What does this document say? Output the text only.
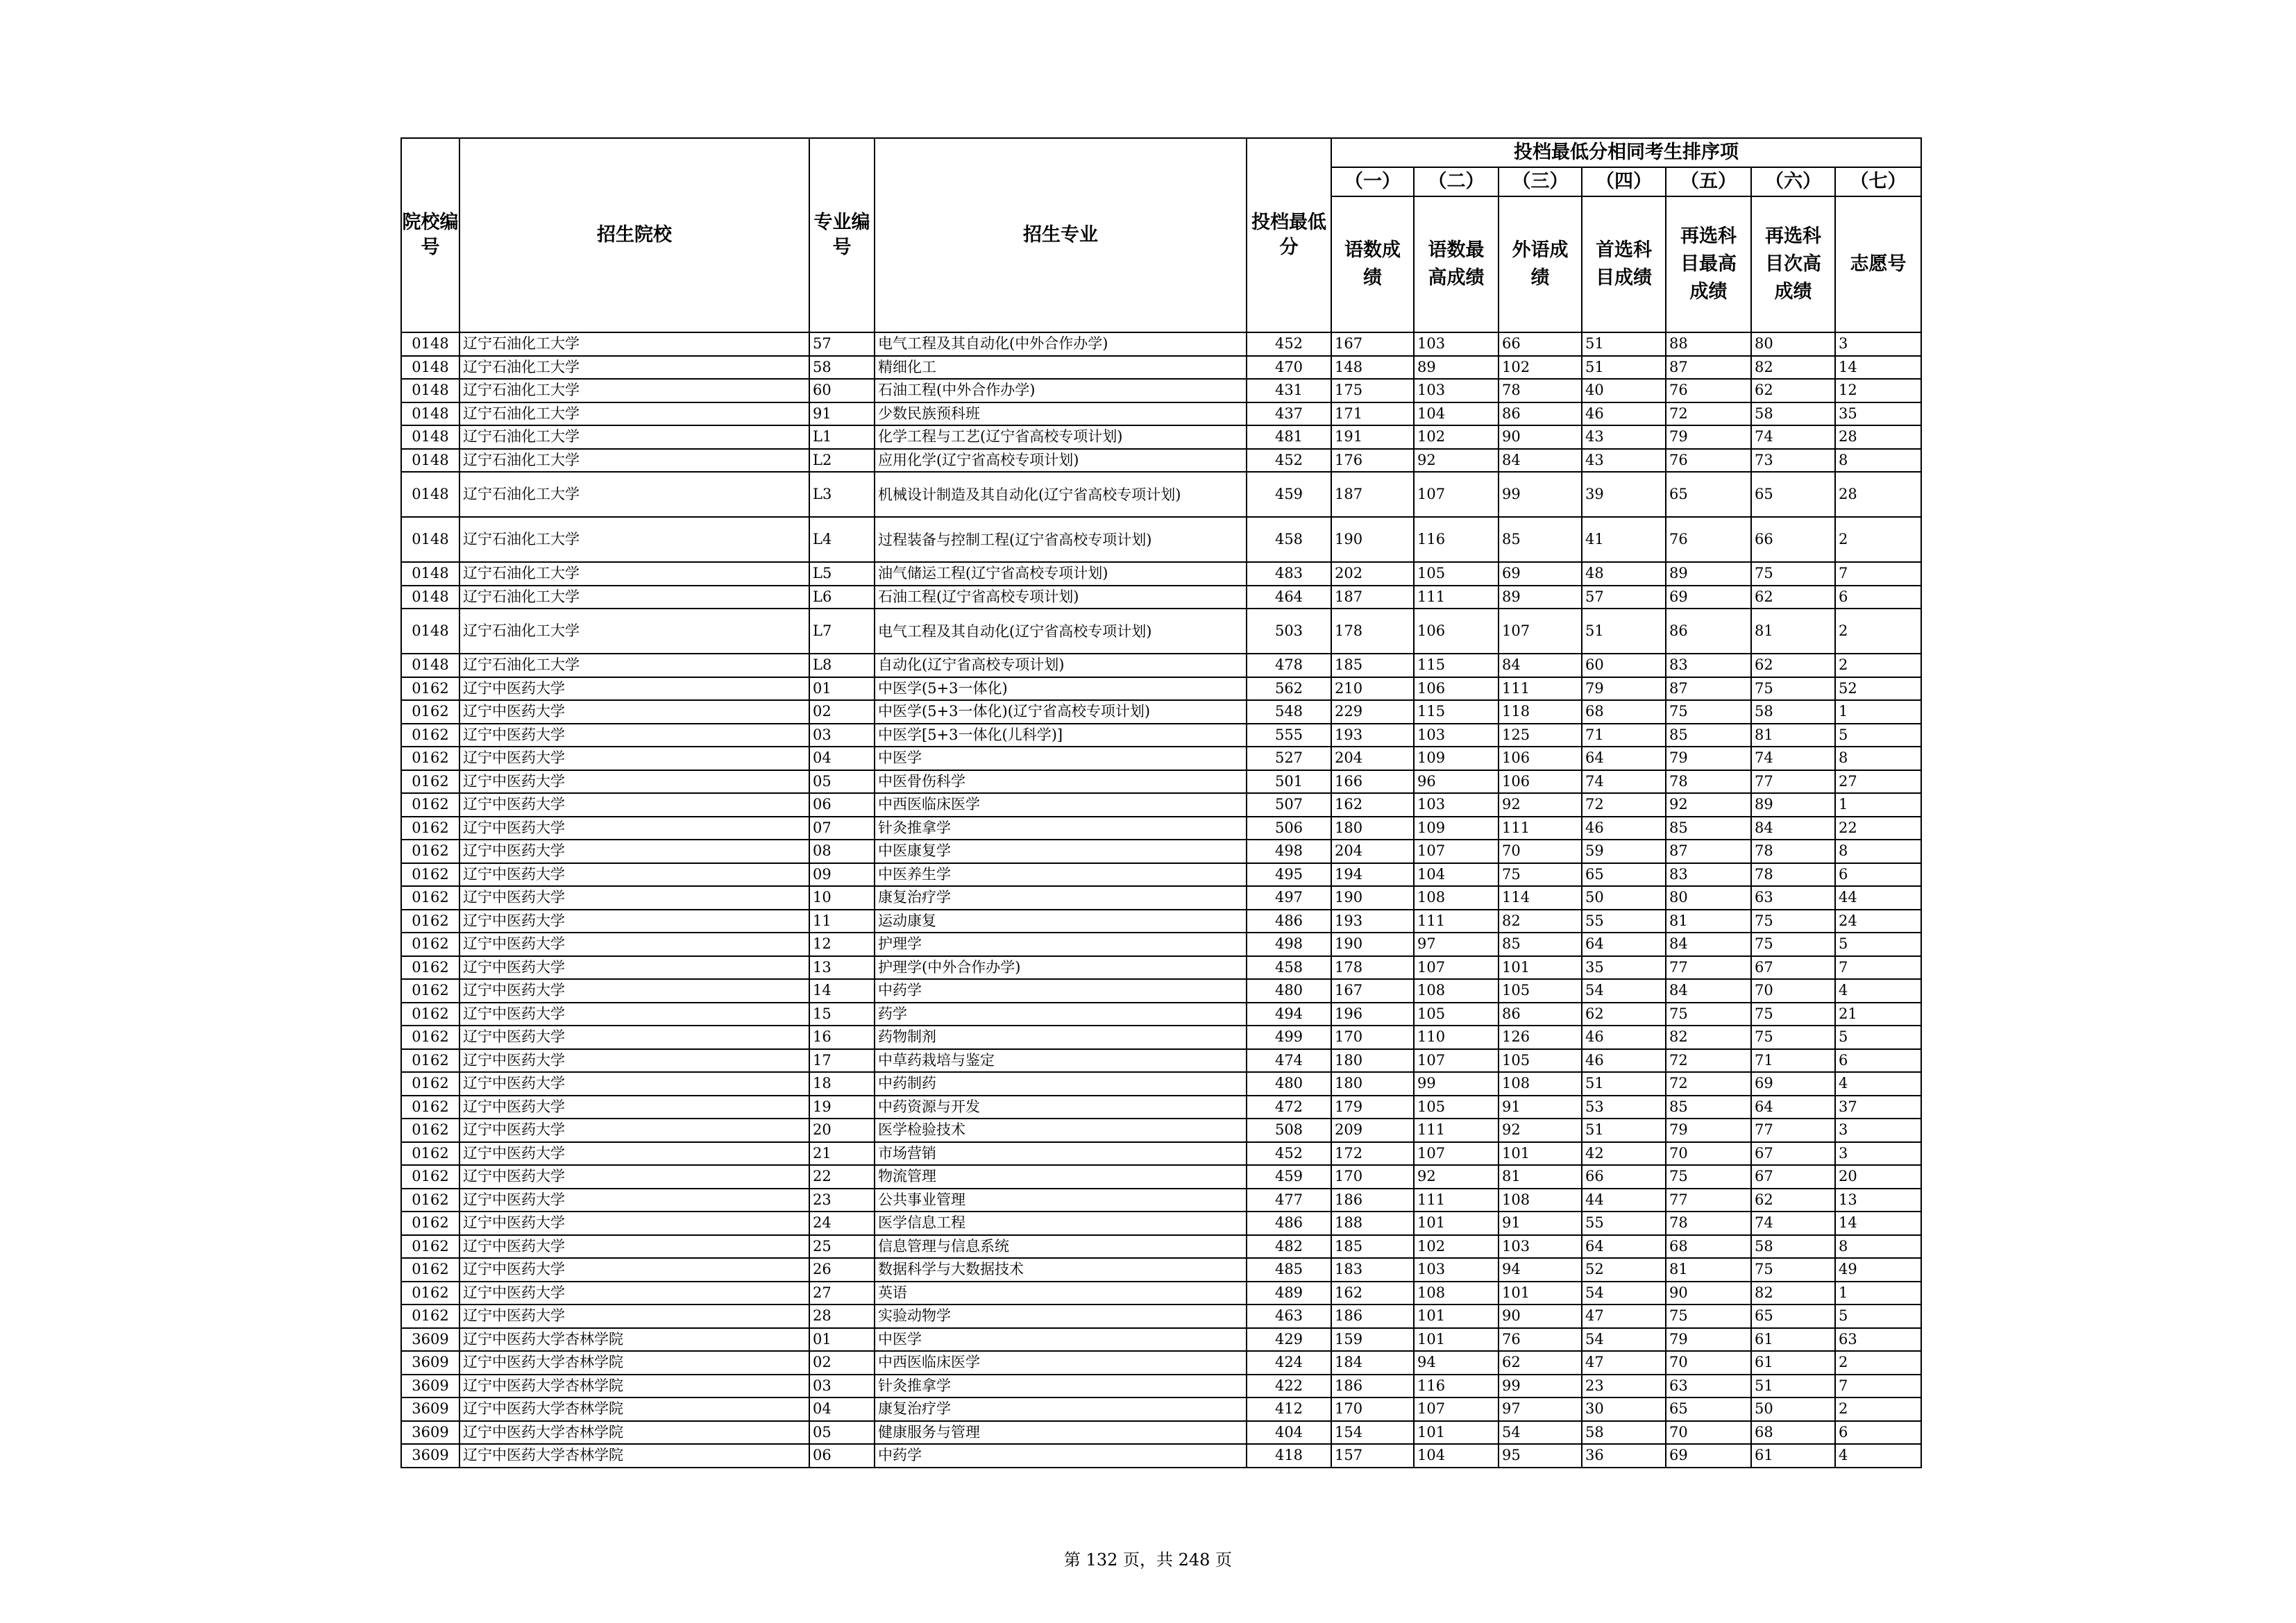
院校编号	招生院校	专业编号	招生专业	投档最低分	投档最低分相同考生排序项						
					（一）	（二）	（三）	（四）	（五）	（六）	（七）
					语数成绩	语数最高成绩	外语成绩	首选科目成绩	再选科目最高成绩	再选科目次高成绩	志愿号
0148	辽宁石油化工大学	57	电气工程及其自动化(中外合作办学)	452	167	103	66	51	88	80	3
0148	辽宁石油化工大学	58	精细化工	470	148	89	102	51	87	82	14
0148	辽宁石油化工大学	60	石油工程(中外合作办学)	431	175	103	78	40	76	62	12
0148	辽宁石油化工大学	91	少数民族预科班	437	171	104	86	46	72	58	35
0148	辽宁石油化工大学	L1	化学工程与工艺(辽宁省高校专项计划)	481	191	102	90	43	79	74	28
0148	辽宁石油化工大学	L2	应用化学(辽宁省高校专项计划)	452	176	92	84	43	76	73	8
0148	辽宁石油化工大学	L3	机械设计制造及其自动化(辽宁省高校专项计划)	459	187	107	99	39	65	65	28
0148	辽宁石油化工大学	L4	过程装备与控制工程(辽宁省高校专项计划)	458	190	116	85	41	76	66	2
0148	辽宁石油化工大学	L5	油气储运工程(辽宁省高校专项计划)	483	202	105	69	48	89	75	7
0148	辽宁石油化工大学	L6	石油工程(辽宁省高校专项计划)	464	187	111	89	57	69	62	6
0148	辽宁石油化工大学	L7	电气工程及其自动化(辽宁省高校专项计划)	503	178	106	107	51	86	81	2
0148	辽宁石油化工大学	L8	自动化(辽宁省高校专项计划)	478	185	115	84	60	83	62	2
0162	辽宁中医药大学	01	中医学(5+3一体化)	562	210	106	111	79	87	75	52
0162	辽宁中医药大学	02	中医学(5+3一体化)(辽宁省高校专项计划)	548	229	115	118	68	75	58	1
0162	辽宁中医药大学	03	中医学[5+3一体化(儿科学)]	555	193	103	125	71	85	81	5
0162	辽宁中医药大学	04	中医学	527	204	109	106	64	79	74	8
0162	辽宁中医药大学	05	中医骨伤科学	501	166	96	106	74	78	77	27
0162	辽宁中医药大学	06	中西医临床医学	507	162	103	92	72	92	89	1
0162	辽宁中医药大学	07	针灸推拿学	506	180	109	111	46	85	84	22
0162	辽宁中医药大学	08	中医康复学	498	204	107	70	59	87	78	8
0162	辽宁中医药大学	09	中医养生学	495	194	104	75	65	83	78	6
0162	辽宁中医药大学	10	康复治疗学	497	190	108	114	50	80	63	44
0162	辽宁中医药大学	11	运动康复	486	193	111	82	55	81	75	24
0162	辽宁中医药大学	12	护理学	498	190	97	85	64	84	75	5
0162	辽宁中医药大学	13	护理学(中外合作办学)	458	178	107	101	35	77	67	7
0162	辽宁中医药大学	14	中药学	480	167	108	105	54	84	70	4
0162	辽宁中医药大学	15	药学	494	196	105	86	62	75	75	21
0162	辽宁中医药大学	16	药物制剂	499	170	110	126	46	82	75	5
0162	辽宁中医药大学	17	中草药栽培与鉴定	474	180	107	105	46	72	71	6
0162	辽宁中医药大学	18	中药制药	480	180	99	108	51	72	69	4
0162	辽宁中医药大学	19	中药资源与开发	472	179	105	91	53	85	64	37
0162	辽宁中医药大学	20	医学检验技术	508	209	111	92	51	79	77	3
0162	辽宁中医药大学	21	市场营销	452	172	107	101	42	70	67	3
0162	辽宁中医药大学	22	物流管理	459	170	92	81	66	75	67	20
0162	辽宁中医药大学	23	公共事业管理	477	186	111	108	44	77	62	13
0162	辽宁中医药大学	24	医学信息工程	486	188	101	91	55	78	74	14
0162	辽宁中医药大学	25	信息管理与信息系统	482	185	102	103	64	68	58	8
0162	辽宁中医药大学	26	数据科学与大数据技术	485	183	103	94	52	81	75	49
0162	辽宁中医药大学	27	英语	489	162	108	101	54	90	82	1
0162	辽宁中医药大学	28	实验动物学	463	186	101	90	47	75	65	5
3609	辽宁中医药大学杏林学院	01	中医学	429	159	101	76	54	79	61	63
3609	辽宁中医药大学杏林学院	02	中西医临床医学	424	184	94	62	47	70	61	2
3609	辽宁中医药大学杏林学院	03	针灸推拿学	422	186	116	99	23	63	51	7
3609	辽宁中医药大学杏林学院	04	康复治疗学	412	170	107	97	30	65	50	2
3609	辽宁中医药大学杏林学院	05	健康服务与管理	404	154	101	54	58	70	68	6
3609	辽宁中医药大学杏林学院	06	中药学	418	157	104	95	36	69	61	4
第 132 页，共 248 页
